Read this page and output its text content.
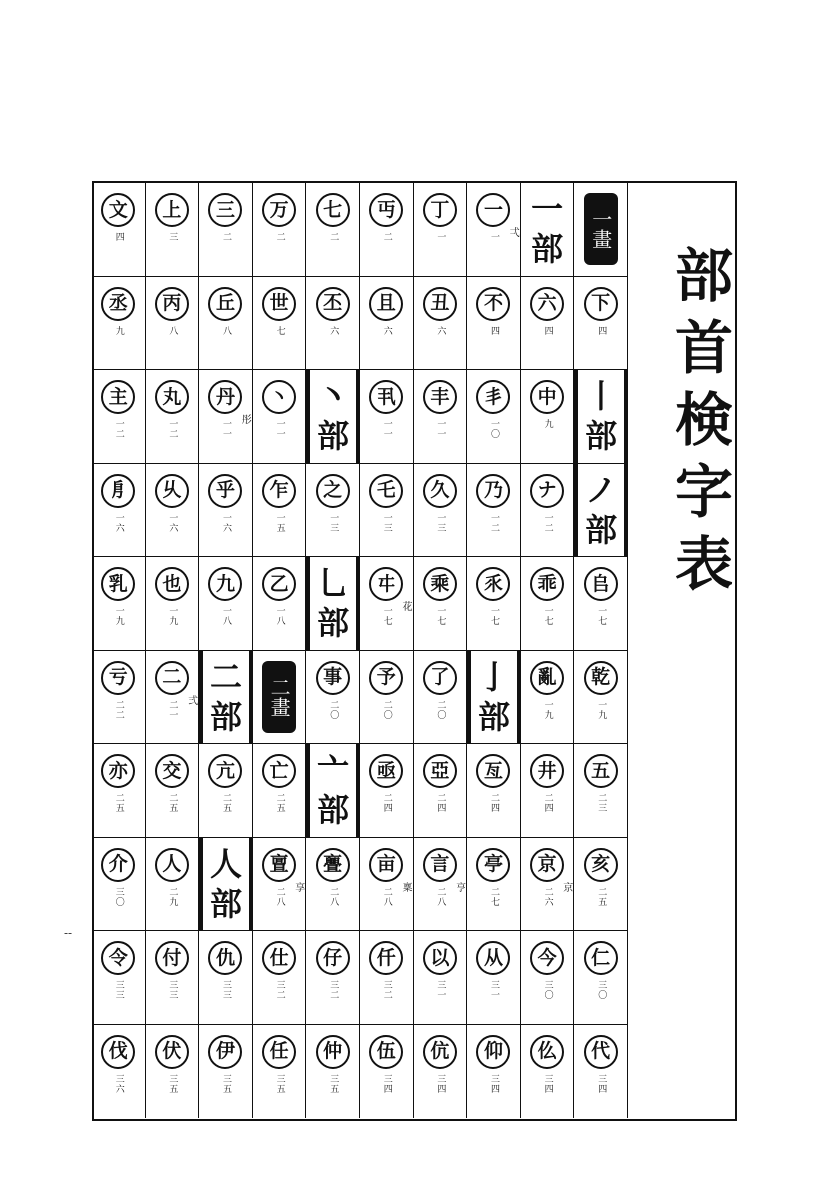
文
四
上
三
三
二
万
二
七
二
丏
二
丁
一
一
一 弌
一
部 一畫
丞
九
丙
八
丘
八
世
七
丕
六
且
六
丑
六
不
四
六
四
下
四
主
一二
丸
一二
丹
一一 彤
丶
一一
丶
部
丮
一一
丰
一一
丯
一〇
中
九
丨
部
㐆
一六
乆
一六
乎
一六
乍
一五
之
一三
乇
一三
久
一三
乃
一二
ナ
一二
ノ
部
乳
一九
也
一九
九
一八
乙
一八
乚
部
㐄
一七 花
乘
一七
乑
一七
乖
一七
𠂤
一七
亏
二二
二
二一 弍
二
部 二畫	事
二〇
予
二〇
了
二〇
亅
部
亂
一九
乾
一九
亦
二五
交
二五
亢
二五
亡
二五
亠
部
亟
二四
亞
二四
亙
二四
井
二四
五
二三
介
三〇
人
二九
人
部
亶
二八 享
亹
二八
亩
二八 稟
言
二八 亨
亭
二七
京
二六 京
亥
二五
令
三三
付
三三
仇
三三
仕
三二
仔
三二
仟
三二
以
三一
从
三一
今
三〇
仁
三〇
伐
三六
伏
三五
伊
三五
任
三五
仲
三五
伍
三四
伉
三四
仰
三四
仫
三四
代
三四
部首検字表
--
